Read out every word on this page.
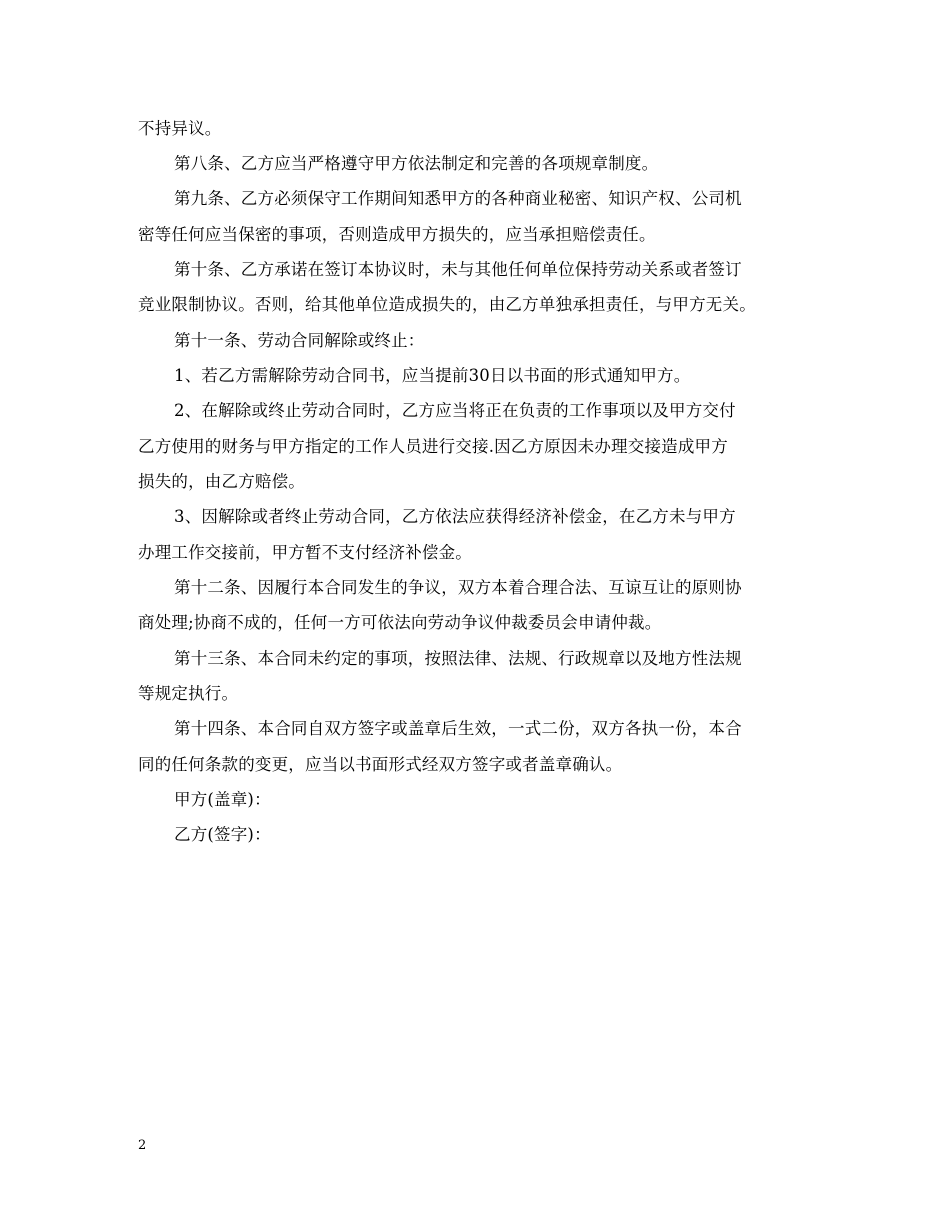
不持异议。
第八条、乙方应当严格遵守甲方依法制定和完善的各项规章制度。
第九条、乙方必须保守工作期间知悉甲方的各种商业秘密、知识产权、公司机
密等任何应当保密的事项，否则造成甲方损失的，应当承担赔偿责任。
第十条、乙方承诺在签订本协议时，未与其他任何单位保持劳动关系或者签订
竞业限制协议。否则，给其他单位造成损失的，由乙方单独承担责任，与甲方无关。
第十一条、劳动合同解除或终止：
1、若乙方需解除劳动合同书，应当提前30日以书面的形式通知甲方。
2、在解除或终止劳动合同时，乙方应当将正在负责的工作事项以及甲方交付
乙方使用的财务与甲方指定的工作人员进行交接.因乙方原因未办理交接造成甲方
损失的，由乙方赔偿。
3、因解除或者终止劳动合同，乙方依法应获得经济补偿金，在乙方未与甲方
办理工作交接前，甲方暂不支付经济补偿金。
第十二条、因履行本合同发生的争议，双方本着合理合法、互谅互让的原则协
商处理;协商不成的，任何一方可依法向劳动争议仲裁委员会申请仲裁。
第十三条、本合同未约定的事项，按照法律、法规、行政规章以及地方性法规
等规定执行。
第十四条、本合同自双方签字或盖章后生效，一式二份，双方各执一份，本合
同的任何条款的变更，应当以书面形式经双方签字或者盖章确认。
甲方(盖章)：
乙方(签字)：
2
